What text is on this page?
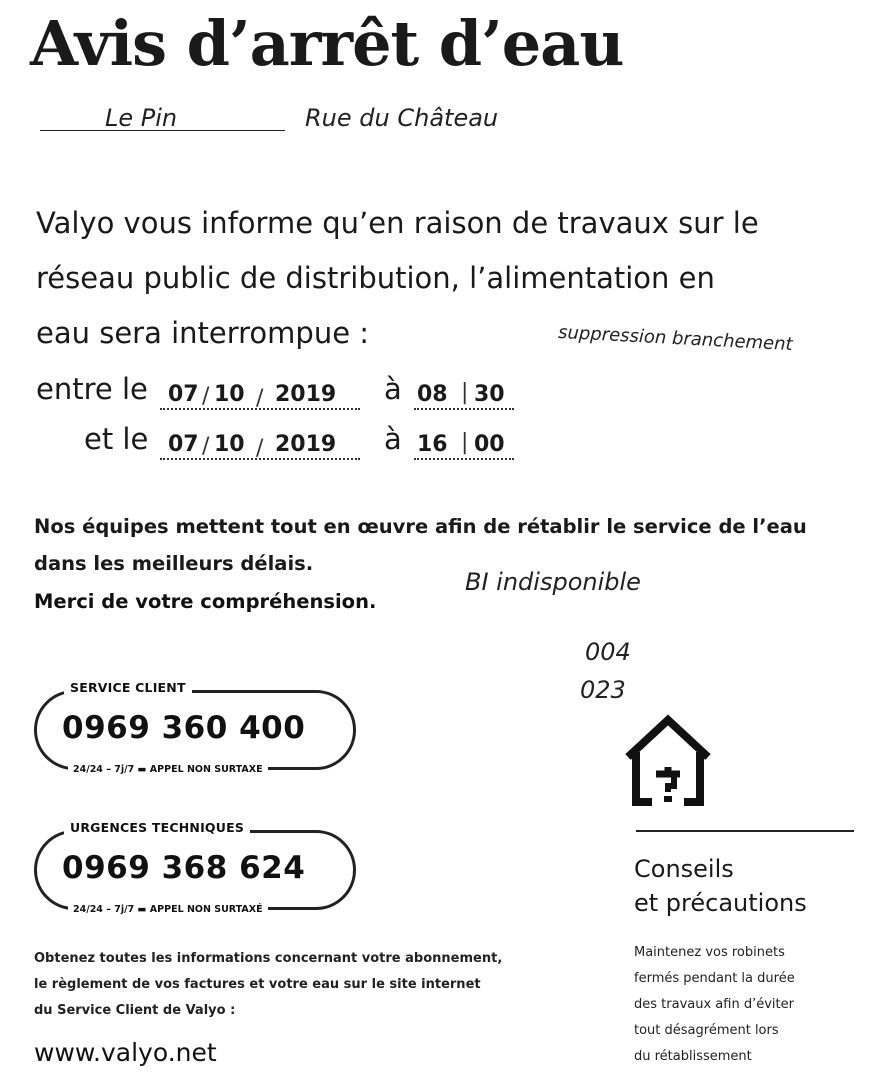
Avis d’arrêt d’eau
Le Pin	Rue du Château
Valyo vous informe qu’en raison de travaux sur le
réseau public de distribution, l’alimentation en
eau sera interrompue :	suppression branchement
entre le 07 / 10 / 2019 à 08 | 30
et le 07 / 10 / 2019 à 16 | 00
Nos équipes mettent tout en œuvre afin de rétablir le service de l’eau
dans les meilleurs délais.
Merci de votre compréhension.
BI indisponible
004
023
SERVICE CLIENT
0969 360 400
24/24 – 7j/7 ▬ APPEL NON SURTAXE
URGENCES TECHNIQUES
0969 368 624
24/24 – 7j/7 ▬ APPEL NON SURTAXÉ
Obtenez toutes les informations concernant votre abonnement,
le règlement de vos factures et votre eau sur le site internet
du Service Client de Valyo :
www.valyo.net
Conseils
et précautions
Maintenez vos robinets
fermés pendant la durée
des travaux afin d’éviter
tout désagrément lors
du rétablissement
